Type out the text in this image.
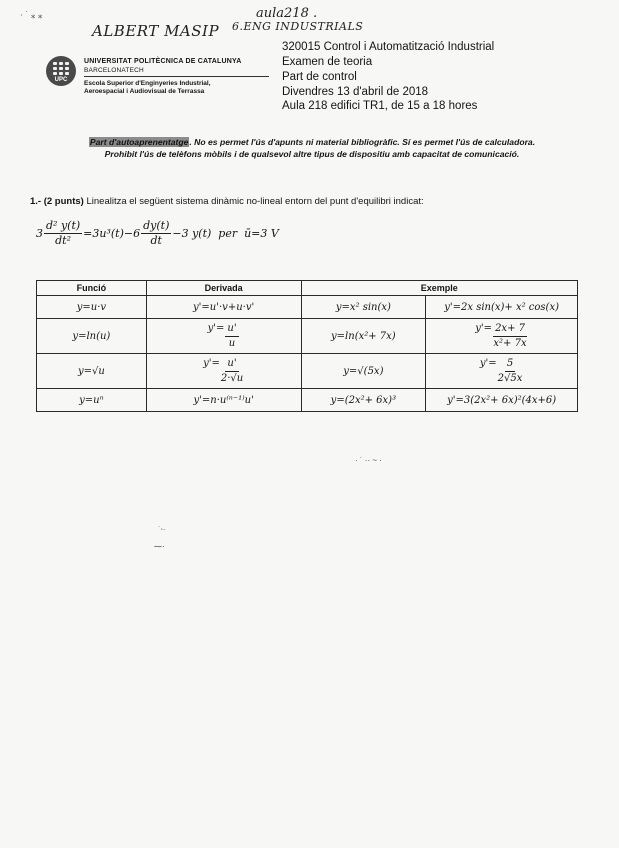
⋅ ˙ ⁎ ⁎
ALBERT MASIP
aula218 .
6.ENG INDUSTRIALS
UPC
UNIVERSITAT POLITÈCNICA DE CATALUNYA
BARCELONATECH
Escola Superior d'Enginyeries Industrial,
Aeroespacial i Audiovisual de Terrassa
320015 Control i Automatització Industrial
Examen de teoria
Part de control
Divendres 13 d'abril de 2018
Aula 218 edifici TR1, de 15 a 18 hores
Part d'autoaprenentatge. No es permet l'ús d'apunts ni material bibliogràfic. Sí es permet l'ús de calculadora.
Prohibit l'ús de telèfons mòbils i de qualsevol altre tipus de dispositiu amb capacitat de comunicació.
1.- (2 punts) Linealitza el següent sistema dinàmic no-lineal entorn del punt d'equilibri indicat:
$3 \frac{\text{d² y(t)}}{\text{dt²}} =3u^3(t)-6 \frac{dy(t)}{dt} -3$ y(t)  per  ū=3 V
Funció	Derivada	Exemple	
y=u·v	y'=u'·v+u·v'	y=x² sin(x)	y'=2x sin(x)+ x² cos(x)
y=ln(u)	$y'= \frac{u'}{u}$	y=ln(x²+ 7x)	$y'= \frac{2x+ 7}{\text{x²+ 7x}}$

y=√u	$y'= \frac{u'}{2\cdot√u}$	y=√(5x)	$y'= \frac{5}{2√5x}$

y=uⁿ	y'=n·u⁽ⁿ⁻¹⁾u'	y=(2x²+ 6x)³	y'=3(2x²+ 6x)²(4x+6)
· ˙ ·· ~ ·
˙⸱·
⁓·
